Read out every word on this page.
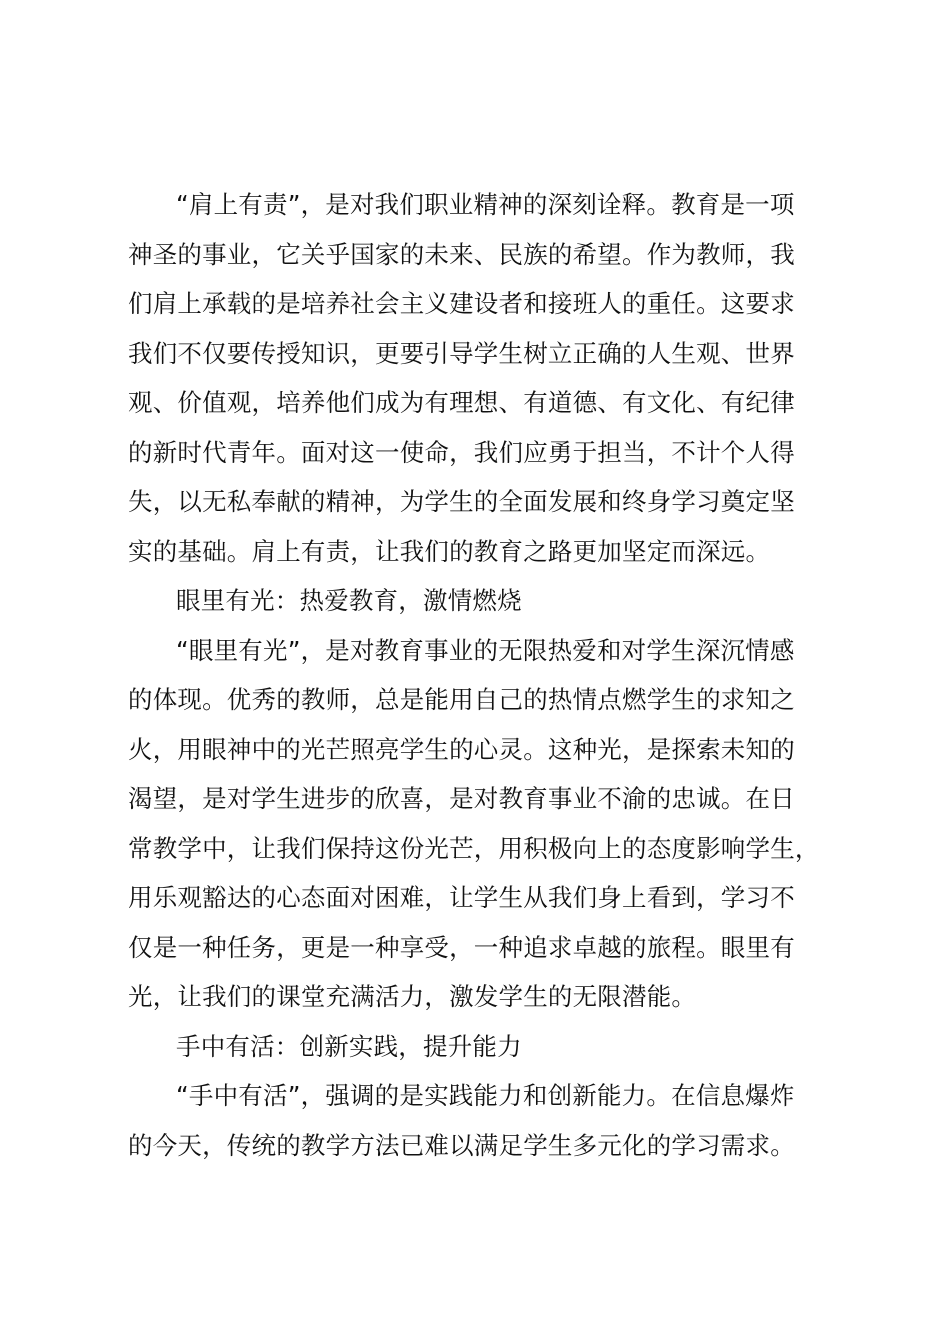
“肩上有责”，是对我们职业精神的深刻诠释。教育是一项
神圣的事业，它关乎国家的未来、民族的希望。作为教师，我
们肩上承载的是培养社会主义建设者和接班人的重任。这要求
我们不仅要传授知识，更要引导学生树立正确的人生观、世界
观、价值观，培养他们成为有理想、有道德、有文化、有纪律
的新时代青年。面对这一使命，我们应勇于担当，不计个人得
失，以无私奉献的精神，为学生的全面发展和终身学习奠定坚
实的基础。肩上有责，让我们的教育之路更加坚定而深远。
眼里有光：热爱教育，激情燃烧
“眼里有光”，是对教育事业的无限热爱和对学生深沉情感
的体现。优秀的教师，总是能用自己的热情点燃学生的求知之
火，用眼神中的光芒照亮学生的心灵。这种光，是探索未知的
渴望，是对学生进步的欣喜，是对教育事业不渝的忠诚。在日
常教学中，让我们保持这份光芒，用积极向上的态度影响学生，
用乐观豁达的心态面对困难，让学生从我们身上看到，学习不
仅是一种任务，更是一种享受，一种追求卓越的旅程。眼里有
光，让我们的课堂充满活力，激发学生的无限潜能。
手中有活：创新实践，提升能力
“手中有活”，强调的是实践能力和创新能力。在信息爆炸
的今天，传统的教学方法已难以满足学生多元化的学习需求。
